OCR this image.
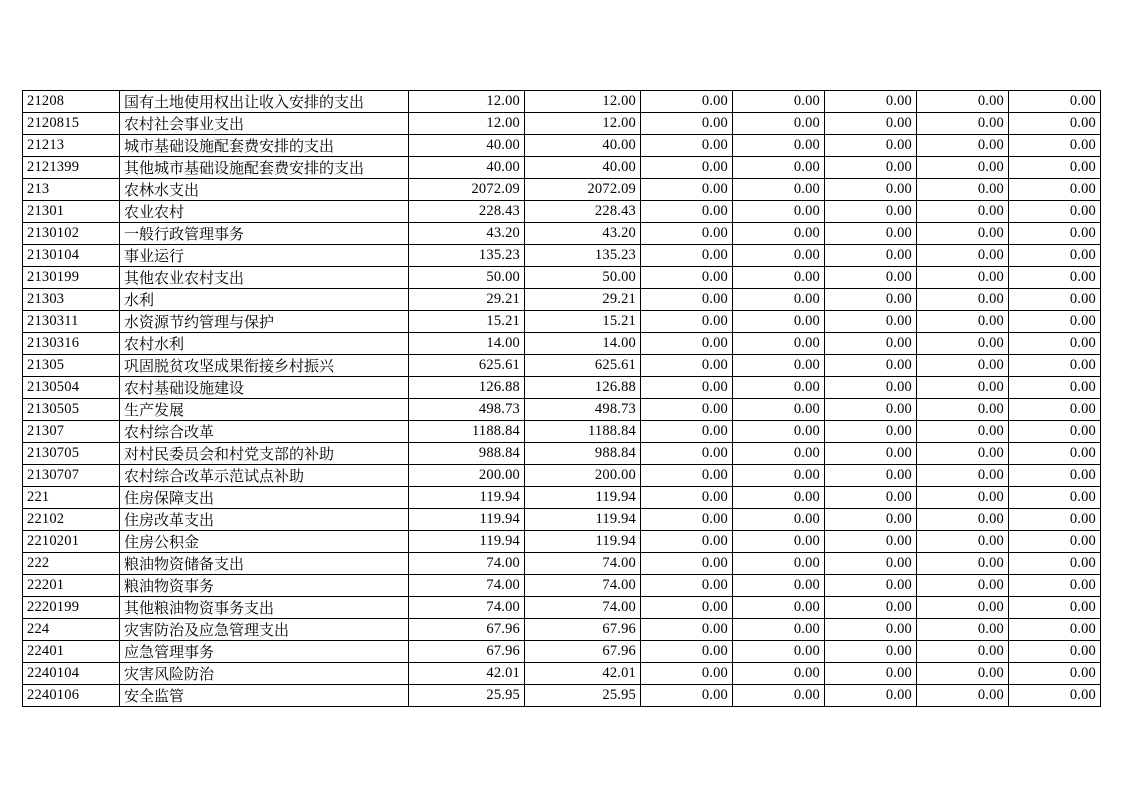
21208	国有土地使用权出让收入安排的支出	12.00	12.00	0.00	0.00	0.00	0.00	0.00
2120815	农村社会事业支出	12.00	12.00	0.00	0.00	0.00	0.00	0.00
21213	城市基础设施配套费安排的支出	40.00	40.00	0.00	0.00	0.00	0.00	0.00
2121399	其他城市基础设施配套费安排的支出	40.00	40.00	0.00	0.00	0.00	0.00	0.00
213	农林水支出	2072.09	2072.09	0.00	0.00	0.00	0.00	0.00
21301	农业农村	228.43	228.43	0.00	0.00	0.00	0.00	0.00
2130102	一般行政管理事务	43.20	43.20	0.00	0.00	0.00	0.00	0.00
2130104	事业运行	135.23	135.23	0.00	0.00	0.00	0.00	0.00
2130199	其他农业农村支出	50.00	50.00	0.00	0.00	0.00	0.00	0.00
21303	水利	29.21	29.21	0.00	0.00	0.00	0.00	0.00
2130311	水资源节约管理与保护	15.21	15.21	0.00	0.00	0.00	0.00	0.00
2130316	农村水利	14.00	14.00	0.00	0.00	0.00	0.00	0.00
21305	巩固脱贫攻坚成果衔接乡村振兴	625.61	625.61	0.00	0.00	0.00	0.00	0.00
2130504	农村基础设施建设	126.88	126.88	0.00	0.00	0.00	0.00	0.00
2130505	生产发展	498.73	498.73	0.00	0.00	0.00	0.00	0.00
21307	农村综合改革	1188.84	1188.84	0.00	0.00	0.00	0.00	0.00
2130705	对村民委员会和村党支部的补助	988.84	988.84	0.00	0.00	0.00	0.00	0.00
2130707	农村综合改革示范试点补助	200.00	200.00	0.00	0.00	0.00	0.00	0.00
221	住房保障支出	119.94	119.94	0.00	0.00	0.00	0.00	0.00
22102	住房改革支出	119.94	119.94	0.00	0.00	0.00	0.00	0.00
2210201	住房公积金	119.94	119.94	0.00	0.00	0.00	0.00	0.00
222	粮油物资储备支出	74.00	74.00	0.00	0.00	0.00	0.00	0.00
22201	粮油物资事务	74.00	74.00	0.00	0.00	0.00	0.00	0.00
2220199	其他粮油物资事务支出	74.00	74.00	0.00	0.00	0.00	0.00	0.00
224	灾害防治及应急管理支出	67.96	67.96	0.00	0.00	0.00	0.00	0.00
22401	应急管理事务	67.96	67.96	0.00	0.00	0.00	0.00	0.00
2240104	灾害风险防治	42.01	42.01	0.00	0.00	0.00	0.00	0.00
2240106	安全监管	25.95	25.95	0.00	0.00	0.00	0.00	0.00
